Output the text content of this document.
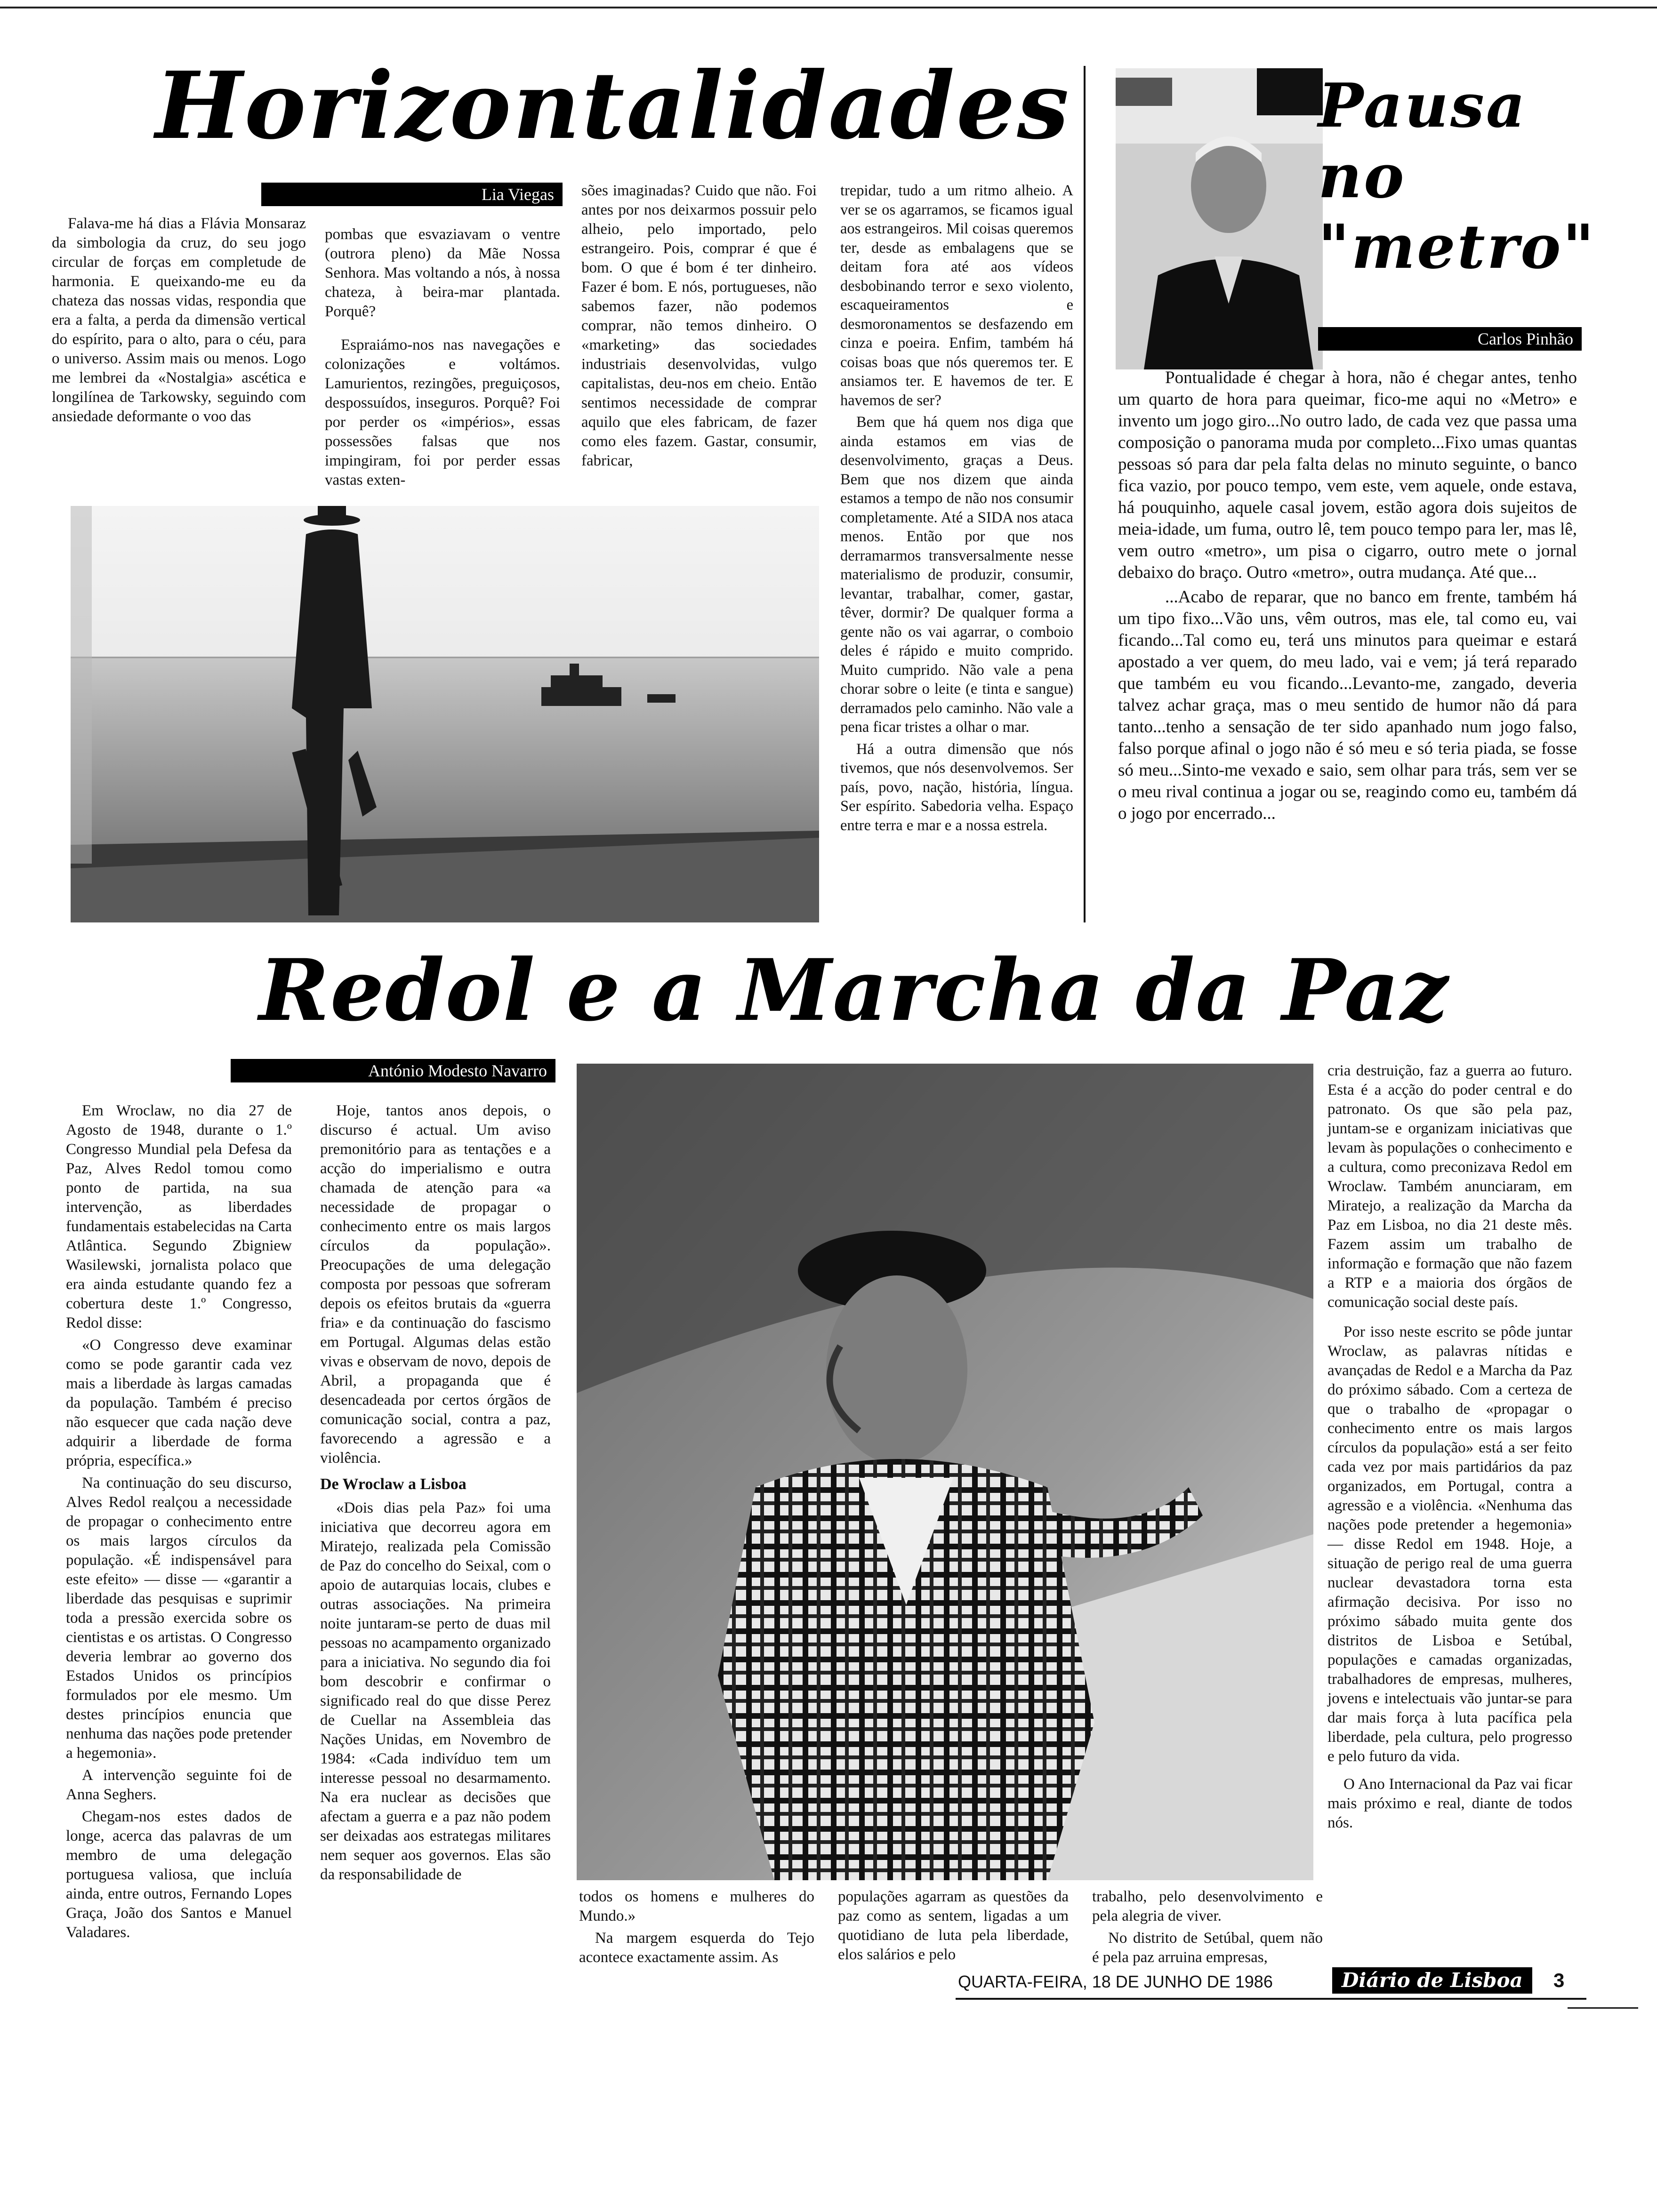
Horizontalidades
Lia Viegas

Falava-me há dias a Flávia Monsaraz da simbologia da cruz, do seu jogo circular de forças em completude de harmonia. E queixando-me eu da chateza das nossas vidas, respondia que era a falta, a perda da dimensão vertical do espírito, para o alto, para o céu, para o universo. Assim mais ou menos. Logo me lembrei da «Nostalgia» ascética e longilínea de Tarkowsky, seguindo com ansiedade deformante o voo das

pombas que esvaziavam o ventre (outrora pleno) da Mãe Nossa Senhora. Mas voltando a nós, à nossa chateza, à beira-mar plantada. Porquê?

Espraiámo-nos nas navegações e colonizações e voltámos. Lamurientos, rezingões, preguiçosos, despossuídos, inseguros. Porquê? Foi por perder os «impérios», essas possessões falsas que nos impingiram, foi por perder essas vastas exten-

sões imaginadas? Cuido que não. Foi antes por nos deixarmos possuir pelo alheio, pelo importado, pelo estrangeiro. Pois, comprar é que é bom. O que é bom é ter dinheiro. Fazer é bom. E nós, portugueses, não sabemos fazer, não podemos comprar, não temos dinheiro. O «marketing» das sociedades industriais desenvolvidas, vulgo capitalistas, deu-nos em cheio. Então sentimos necessidade de comprar aquilo que eles fabricam, de fazer como eles fazem. Gastar, consumir, fabricar,

trepidar, tudo a um ritmo alheio. A ver se os agarramos, se ficamos igual aos estrangeiros. Mil coisas queremos ter, desde as embalagens que se deitam fora até aos vídeos desbobinando terror e sexo violento, escaqueiramentos e desmoronamentos se desfazendo em cinza e poeira. Enfim, também há coisas boas que nós queremos ter. E ansiamos ter. E havemos de ter. E havemos de ser?

Bem que há quem nos diga que ainda estamos em vias de desenvolvimento, graças a Deus. Bem que nos dizem que ainda estamos a tempo de não nos consumir completamente. Até a SIDA nos ataca menos. Então por que nos derramarmos transversalmente nesse materialismo de produzir, consumir, levantar, trabalhar, comer, gastar, têver, dormir? De qualquer forma a gente não os vai agarrar, o comboio deles é rápido e muito comprido. Muito cumprido. Não vale a pena chorar sobre o leite (e tinta e sangue) derramados pelo caminho. Não vale a pena ficar tristes a olhar o mar.

Há a outra dimensão que nós tivemos, que nós desenvolvemos. Ser país, povo, nação, história, língua. Ser espírito. Sabedoria velha. Espaço entre terra e mar e a nossa estrela.

Pausa
no
"metro"
Carlos Pinhão

Pontualidade é chegar à hora, não é chegar antes, tenho um quarto de hora para queimar, fico-me aqui no «Metro» e invento um jogo giro...No outro lado, de cada vez que passa uma composição o panorama muda por completo...Fixo umas quantas pessoas só para dar pela falta delas no minuto seguinte, o banco fica vazio, por pouco tempo, vem este, vem aquele, onde estava, há pouquinho, aquele casal jovem, estão agora dois sujeitos de meia-idade, um fuma, outro lê, tem pouco tempo para ler, mas lê, vem outro «metro», um pisa o cigarro, outro mete o jornal debaixo do braço. Outro «metro», outra mudança. Até que...

...Acabo de reparar, que no banco em frente, também há um tipo fixo...Vão uns, vêm outros, mas ele, tal como eu, vai ficando...Tal como eu, terá uns minutos para queimar e estará apostado a ver quem, do meu lado, vai e vem; já terá reparado que também eu vou ficando...Levanto-me, zangado, deveria talvez achar graça, mas o meu sentido de humor não dá para tanto...tenho a sensação de ter sido apanhado num jogo falso, falso porque afinal o jogo não é só meu e só teria piada, se fosse só meu...Sinto-me vexado e saio, sem olhar para trás, sem ver se o meu rival continua a jogar ou se, reagindo como eu, também dá o jogo por encerrado...

Redol e a Marcha da Paz
António Modesto Navarro

Em Wroclaw, no dia 27 de Agosto de 1948, durante o 1.º Congresso Mundial pela Defesa da Paz, Alves Redol tomou como ponto de partida, na sua intervenção, as liberdades fundamentais estabelecidas na Carta Atlântica. Segundo Zbigniew Wasilewski, jornalista polaco que era ainda estudante quando fez a cobertura deste 1.º Congresso, Redol disse:

«O Congresso deve examinar como se pode garantir cada vez mais a liberdade às largas camadas da população. Também é preciso não esquecer que cada nação deve adquirir a liberdade de forma própria, específica.»

Na continuação do seu discurso, Alves Redol realçou a necessidade de propagar o conhecimento entre os mais largos círculos da população. «É indispensável para este efeito» — disse — «garantir a liberdade das pesquisas e suprimir toda a pressão exercida sobre os cientistas e os artistas. O Congresso deveria lembrar ao governo dos Estados Unidos os princípios formulados por ele mesmo. Um destes princípios enuncia que nenhuma das nações pode pretender a hegemonia».

A intervenção seguinte foi de Anna Seghers.

Chegam-nos estes dados de longe, acerca das palavras de um membro de uma delegação portuguesa valiosa, que incluía ainda, entre outros, Fernando Lopes Graça, João dos Santos e Manuel Valadares.

Hoje, tantos anos depois, o discurso é actual. Um aviso premonitório para as tentações e a acção do imperialismo e outra chamada de atenção para «a necessidade de propagar o conhecimento entre os mais largos círculos da população». Preocupações de uma delegação composta por pessoas que sofreram depois os efeitos brutais da «guerra fria» e da continuação do fascismo em Portugal. Algumas delas estão vivas e observam de novo, depois de Abril, a propaganda que é desencadeada por certos órgãos de comunicação social, contra a paz, favorecendo a agressão e a violência.

De Wroclaw a Lisboa

«Dois dias pela Paz» foi uma iniciativa que decorreu agora em Miratejo, realizada pela Comissão de Paz do concelho do Seixal, com o apoio de autarquias locais, clubes e outras associações. Na primeira noite juntaram-se perto de duas mil pessoas no acampamento organizado para a iniciativa. No segundo dia foi bom descobrir e confirmar o significado real do que disse Perez de Cuellar na Assembleia das Nações Unidas, em Novembro de 1984: «Cada indivíduo tem um interesse pessoal no desarmamento. Na era nuclear as decisões que afectam a guerra e a paz não podem ser deixadas aos estrategas militares nem sequer aos governos. Elas são da responsabilidade de

todos os homens e mulheres do Mundo.»

Na margem esquerda do Tejo acontece exactamente assim. As

populações agarram as questões da paz como as sentem, ligadas a um quotidiano de luta pela liberdade, elos salários e pelo

trabalho, pelo desenvolvimento e pela alegria de viver.

No distrito de Setúbal, quem não é pela paz arruina empresas,

cria destruição, faz a guerra ao futuro. Esta é a acção do poder central e do patronato. Os que são pela paz, juntam-se e organizam iniciativas que levam às populações o conhecimento e a cultura, como preconizava Redol em Wroclaw. Também anunciaram, em Miratejo, a realização da Marcha da Paz em Lisboa, no dia 21 deste mês. Fazem assim um trabalho de informação e formação que não fazem a RTP e a maioria dos órgãos de comunicação social deste país.

Por isso neste escrito se pôde juntar Wroclaw, as palavras nítidas e avançadas de Redol e a Marcha da Paz do próximo sábado. Com a certeza de que o trabalho de «propagar o conhecimento entre os mais largos círculos da população» está a ser feito cada vez por mais partidários da paz organizados, em Portugal, contra a agressão e a violência. «Nenhuma das nações pode pretender a hegemonia» — disse Redol em 1948. Hoje, a situação de perigo real de uma guerra nuclear devastadora torna esta afirmação decisiva. Por isso no próximo sábado muita gente dos distritos de Lisboa e Setúbal, populações e camadas organizadas, trabalhadores de empresas, mulheres, jovens e intelectuais vão juntar-se para dar mais força à luta pacífica pela liberdade, pela cultura, pelo progresso e pelo futuro da vida.

O Ano Internacional da Paz vai ficar mais próximo e real, diante de todos nós.

QUARTA-FEIRA, 18 DE JUNHO DE 1986	Diário de Lisboa	3
